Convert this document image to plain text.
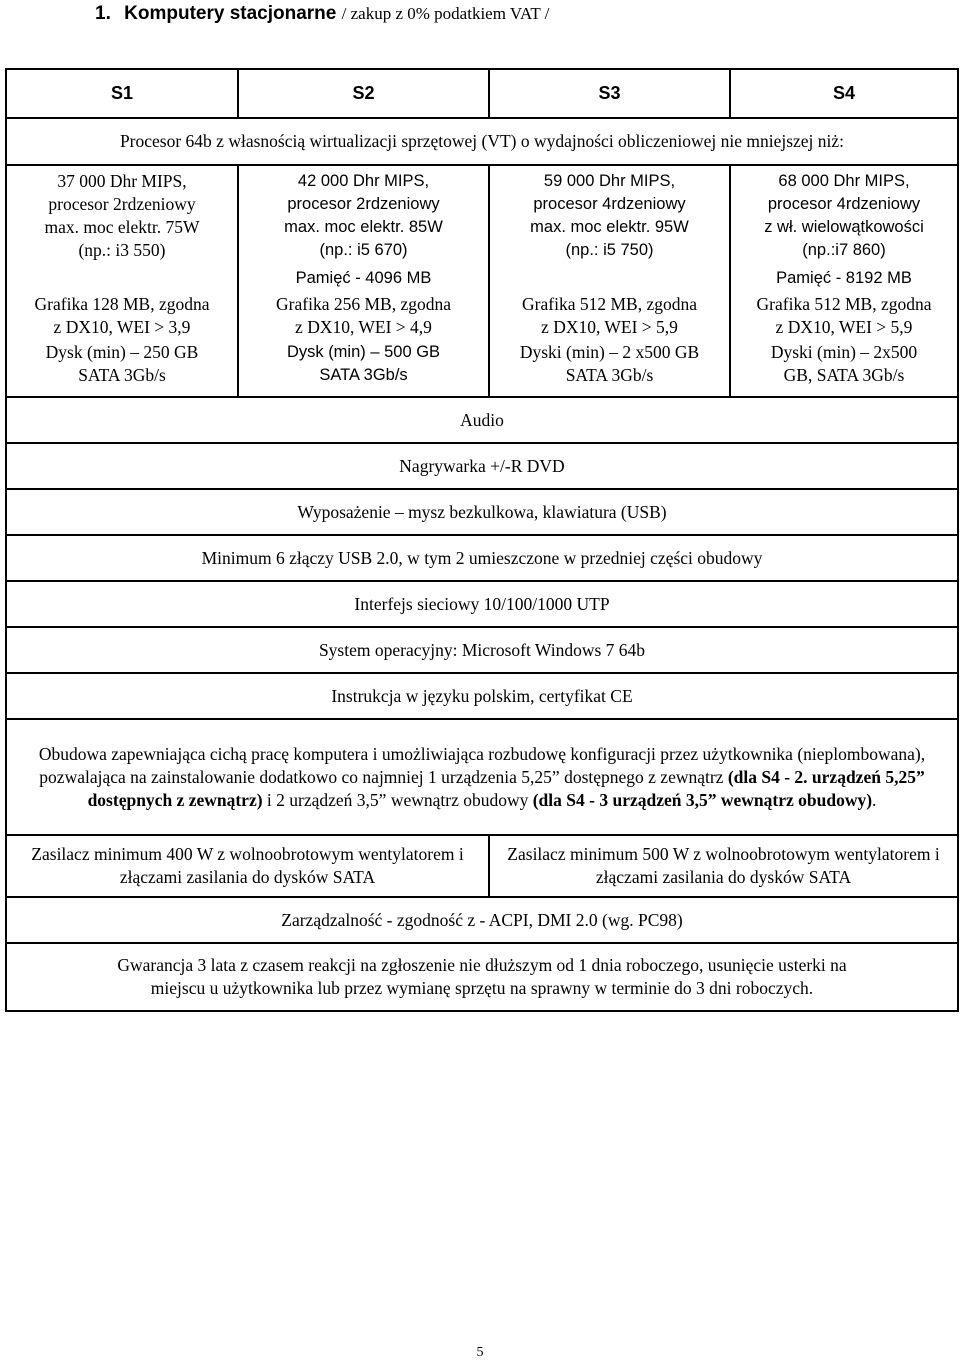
1. Komputery stacjonarne / zakup z 0% podatkiem VAT /
S1	S2	S3	S4
Procesor 64b z własnością wirtualizacji sprzętowej (VT) o wydajności obliczeniowej nie mniejszej niż:			

37 000 Dhr MIPS,
procesor 2rdzeniowy
max. moc elektr. 75W
(np.: i3 550)	42 000 Dhr MIPS,
procesor 2rdzeniowy
max. moc elektr. 85W
(np.: i5 670)	59 000 Dhr MIPS,
procesor 4rdzeniowy
max. moc elektr. 95W
(np.: i5 750)	68 000 Dhr MIPS,
procesor 4rdzeniowy
z wł. wielowątkowości
(np.:i7 860)

	Pamięć - 4096 MB		Pamięć - 8192 MB

Grafika 128 MB, zgodna
z DX10, WEI > 3,9	Grafika 256 MB, zgodna
z DX10, WEI > 4,9	Grafika 512 MB, zgodna
z DX10, WEI > 5,9	Grafika 512 MB, zgodna
z DX10, WEI > 5,9

Dysk (min) – 250 GB
SATA 3Gb/s	Dysk (min) – 500 GB
SATA 3Gb/s	Dyski (min) – 2 x500 GB
SATA 3Gb/s	Dyski (min) – 2x500
GB, SATA 3Gb/s

Audio			
Nagrywarka +/-R DVD			
Wyposażenie – mysz bezkulkowa, klawiatura (USB)			
Minimum 6 złączy USB 2.0, w tym 2 umieszczone w przedniej części obudowy			
Interfejs sieciowy 10/100/1000 UTP			
System operacyjny: Microsoft Windows 7 64b			
Instrukcja w języku polskim, certyfikat CE			
Obudowa zapewniająca cichą pracę komputera i umożliwiająca rozbudowę konfiguracji przez użytkownika (nieplombowana), pozwalająca na zainstalowanie dodatkowo co najmniej 1 urządzenia 5,25” dostępnego z zewnątrz (dla S4 - 2. urządzeń 5,25” dostępnych z zewnątrz) i 2 urządzeń 3,5” wewnątrz obudowy (dla S4 - 3 urządzeń 3,5” wewnątrz obudowy).			
Zasilacz minimum 400 W z wolnoobrotowym wentylatorem i złączami zasilania do dysków SATA		Zasilacz minimum 500 W z wolnoobrotowym wentylatorem i złączami zasilania do dysków SATA	
Zarządzalność - zgodność z - ACPI, DMI 2.0 (wg. PC98)			

Gwarancja 3 lata z czasem reakcji na zgłoszenie nie dłuższym od 1 dnia roboczego, usunięcie usterki na
miejscu u użytkownika lub przez wymianę sprzętu na sprawny w terminie do 3 dni roboczych.			
5
